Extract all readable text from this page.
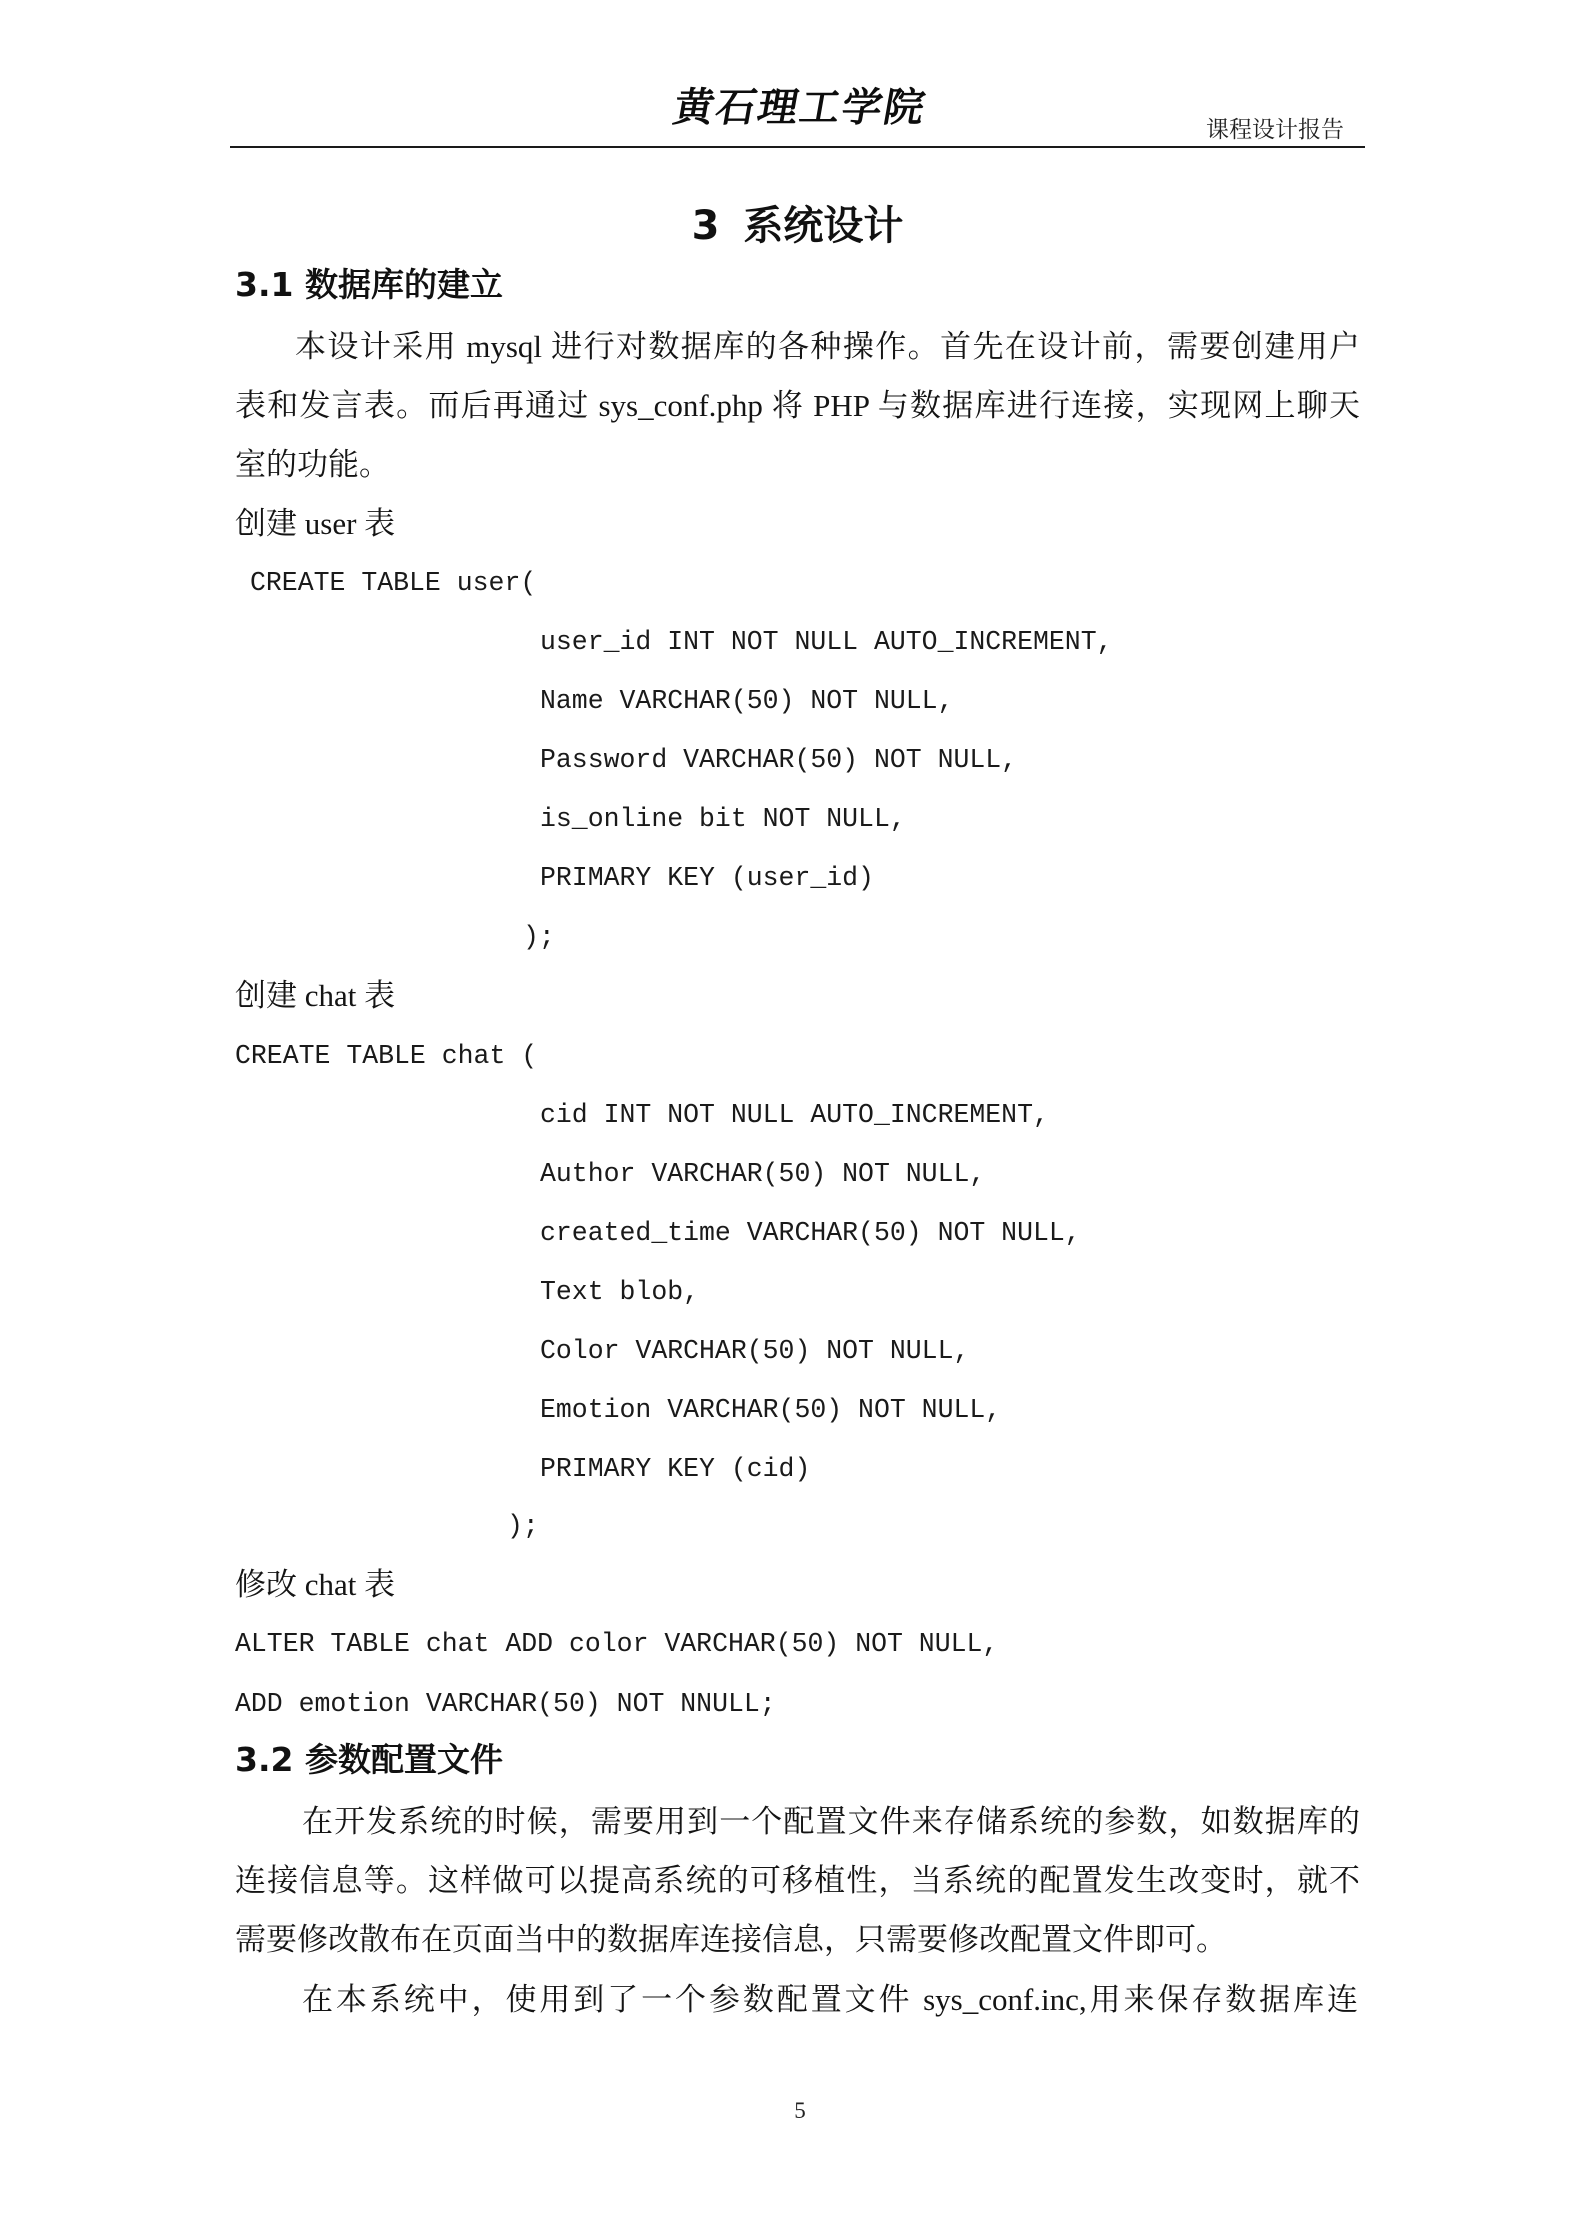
黄石理工学院	课程设计报告
3 系统设计
3.1 数据库的建立
本设计采用 mysql 进行对数据库的各种操作。首先在设计前，需要创建用户
表和发言表。而后再通过 sys_conf.php 将 PHP 与数据库进行连接，实现网上聊天
室的功能。
创建 user 表
CREATE TABLE user(
user_id INT NOT NULL AUTO_INCREMENT,
Name VARCHAR(50) NOT NULL,
Password VARCHAR(50) NOT NULL,
is_online bit NOT NULL,
PRIMARY KEY (user_id)
);
创建 chat 表
CREATE TABLE chat (
cid INT NOT NULL AUTO_INCREMENT,
Author VARCHAR(50) NOT NULL,
created_time VARCHAR(50) NOT NULL,
Text blob,
Color VARCHAR(50) NOT NULL,
Emotion VARCHAR(50) NOT NULL,
PRIMARY KEY (cid)
);
修改 chat 表
ALTER TABLE chat ADD color VARCHAR(50) NOT NULL,
ADD emotion VARCHAR(50) NOT NNULL;
3.2 参数配置文件
在开发系统的时候，需要用到一个配置文件来存储系统的参数，如数据库的
连接信息等。这样做可以提高系统的可移植性，当系统的配置发生改变时，就不
需要修改散布在页面当中的数据库连接信息，只需要修改配置文件即可。
在本系统中，使用到了一个参数配置文件 sys_conf.inc,用来保存数据库连
5
